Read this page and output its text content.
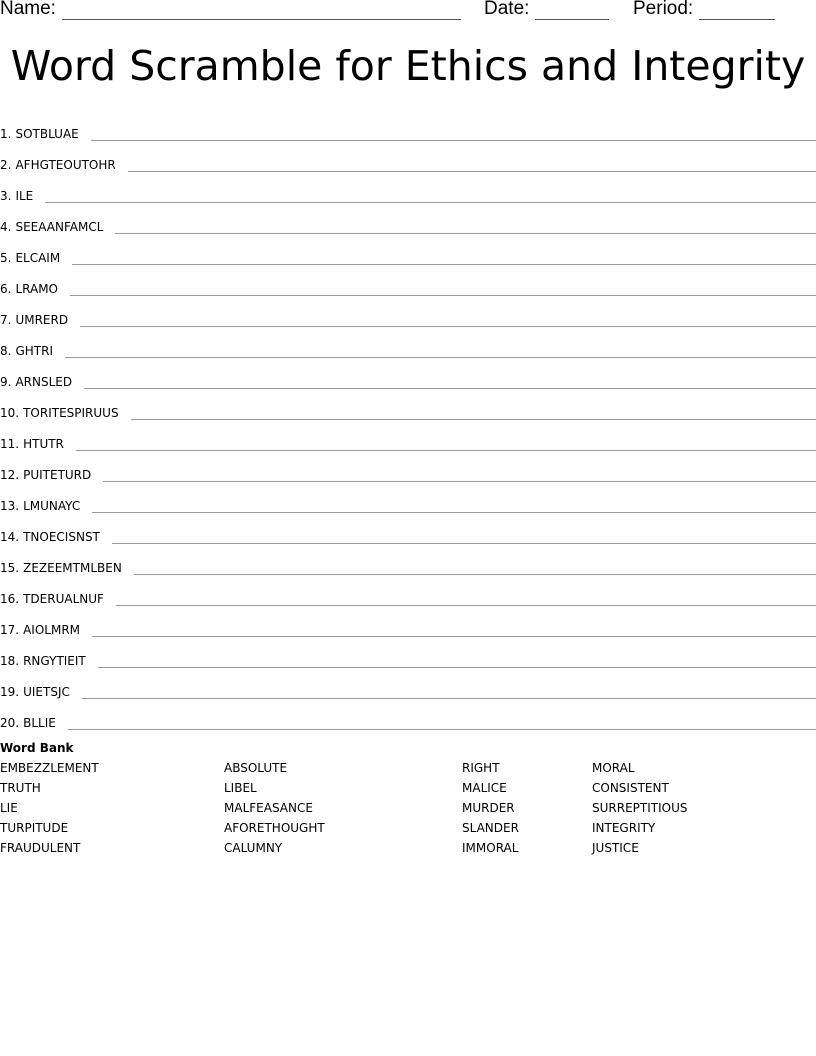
Name:	Date:	Period:
Word Scramble for Ethics and Integrity
1. SOTBLUAE
2. AFHGTEOUTOHR
3. ILE
4. SEEAANFAMCL
5. ELCAIM
6. LRAMO
7. UMRERD
8. GHTRI
9. ARNSLED
10. TORITESPIRUUS
11. HTUTR
12. PUITETURD
13. LMUNAYC
14. TNOECISNST
15. ZEZEEMTMLBEN
16. TDERUALNUF
17. AIOLMRM
18. RNGYTIEIT
19. UIETSJC
20. BLLIE
Word Bank
EMBEZZLEMENT
TRUTH
LIE
TURPITUDE
FRAUDULENT
ABSOLUTE
LIBEL
MALFEASANCE
AFORETHOUGHT
CALUMNY
RIGHT
MALICE
MURDER
SLANDER
IMMORAL
MORAL
CONSISTENT
SURREPTITIOUS
INTEGRITY
JUSTICE
